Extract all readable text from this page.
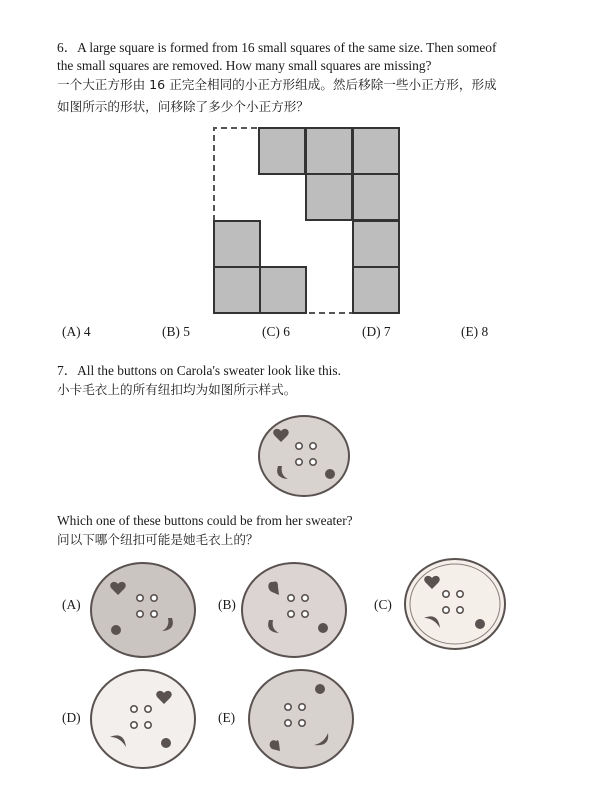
6．A large square is formed from 16 small squares of the same size. Then someof
the small squares are removed. How many small squares are missing?
一个大正方形由 16 正完全相同的小正方形组成。然后移除一些小正方形，形成
如图所示的形状，问移除了多少个小正方形？
(A) 4	(B) 5	(C) 6	(D) 7	(E) 8
7．All the buttons on Carola's sweater look like this.
小卡毛衣上的所有纽扣均为如图所示样式。
Which one of these buttons could be from her sweater?
问以下哪个纽扣可能是她毛衣上的？
(A)	(B)	(C)
(D)	(E)
